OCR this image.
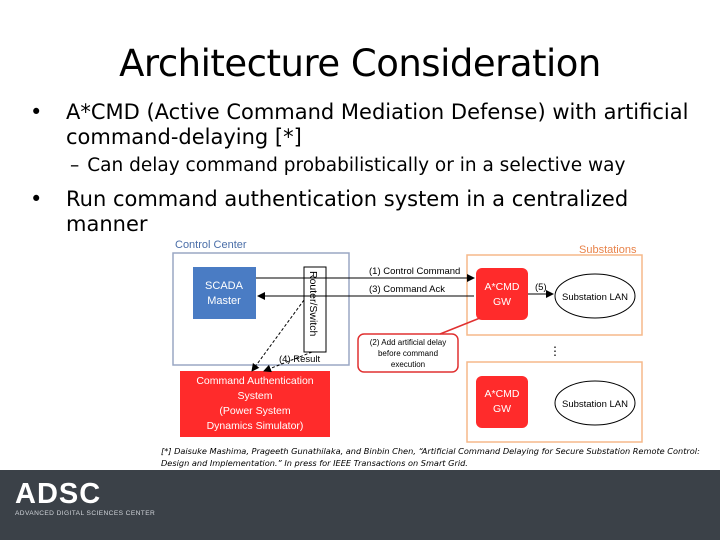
Architecture Consideration
• A*CMD (Active Command Mediation Defense) with artificial command-delaying [*]
– Can delay command probabilistically or in a selective way
• Run command authentication system in a centralized manner
Control Center	Substations
SCADA
Master	Router/Switch
Command Authentication
System
(Power System
Dynamics Simulator)
A*CMD
GW
A*CMD
GW
Substation LAN
Substation LAN
(1) Control Command
(3) Command Ack	(5)
(4) Result
(2) Add artificial delay
before command
execution
⋮
[*] Daisuke Mashima, Prageeth Gunathilaka, and Binbin Chen, “Artificial Command Delaying for Secure Substation Remote Control:
Design and Implementation.” In press for IEEE Transactions on Smart Grid.
ADSC
ADVANCED DIGITAL SCIENCES CENTER
